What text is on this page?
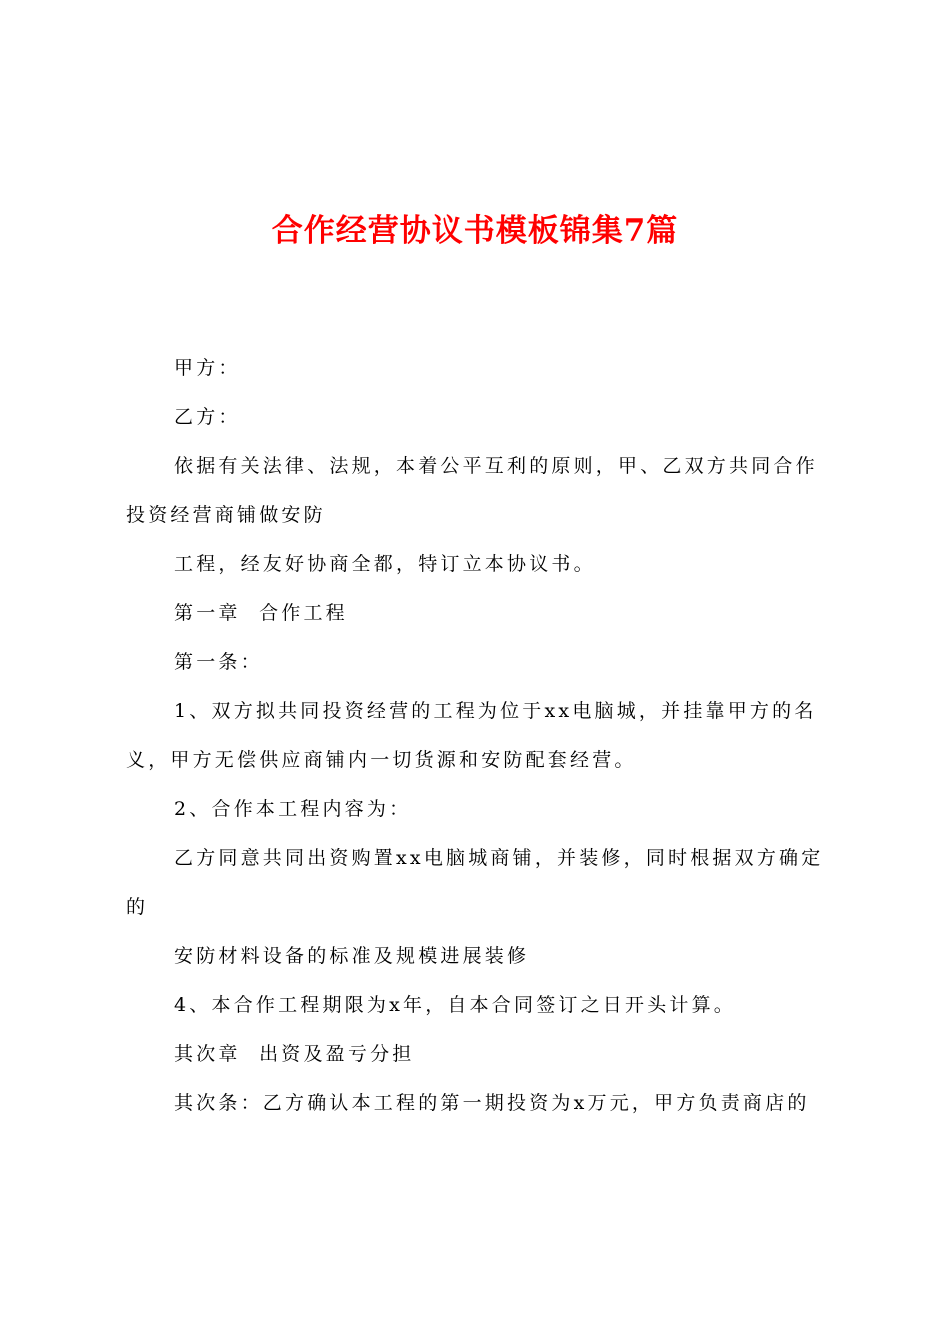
合作经营协议书模板锦集7篇

甲方：

乙方：

依据有关法律、法规，本着公平互利的原则，甲、乙双方共同合作投资经营商铺做安防

工程，经友好协商全都，特订立本协议书。

第一章  合作工程

第一条：

1、双方拟共同投资经营的工程为位于xx电脑城，并挂靠甲方的名义，甲方无偿供应商铺内一切货源和安防配套经营。

2、合作本工程内容为：

乙方同意共同出资购置xx电脑城商铺，并装修，同时根据双方确定的

安防材料设备的标准及规模进展装修

4、本合作工程期限为x年，自本合同签订之日开头计算。

其次章  出资及盈亏分担

其次条：乙方确认本工程的第一期投资为x万元，甲方负责商店的
